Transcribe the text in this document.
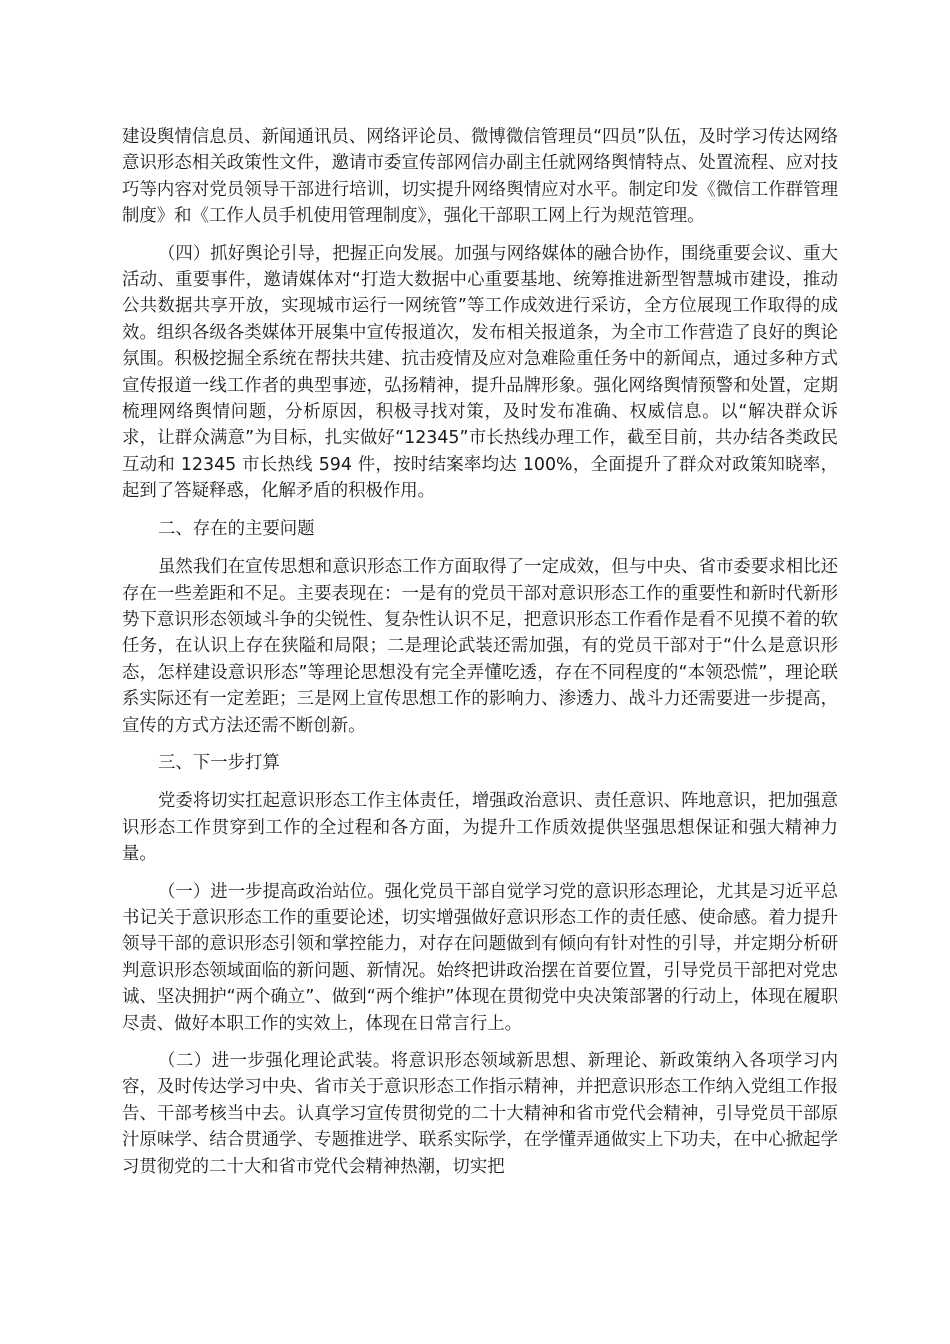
建设舆情信息员、新闻通讯员、网络评论员、微博微信管理员“四员”队伍，及时学习传达网络意识形态相关政策性文件，邀请市委宣传部网信办副主任就网络舆情特点、处置流程、应对技巧等内容对党员领导干部进行培训，切实提升网络舆情应对水平。制定印发《微信工作群管理制度》和《工作人员手机使用管理制度》，强化干部职工网上行为规范管理。

（四）抓好舆论引导，把握正向发展。加强与网络媒体的融合协作，围绕重要会议、重大活动、重要事件，邀请媒体对“打造大数据中心重要基地、统筹推进新型智慧城市建设，推动公共数据共享开放，实现城市运行一网统管”等工作成效进行采访，全方位展现工作取得的成效。组织各级各类媒体开展集中宣传报道次，发布相关报道条，为全市工作营造了良好的舆论氛围。积极挖掘全系统在帮扶共建、抗击疫情及应对急难险重任务中的新闻点，通过多种方式宣传报道一线工作者的典型事迹，弘扬精神，提升品牌形象。强化网络舆情预警和处置，定期梳理网络舆情问题，分析原因，积极寻找对策，及时发布准确、权威信息。以“解决群众诉求，让群众满意”为目标，扎实做好“12345”市长热线办理工作，截至目前，共办结各类政民互动和 12345 市长热线 594 件，按时结案率均达 100%，全面提升了群众对政策知晓率，起到了答疑释惑，化解矛盾的积极作用。

二、存在的主要问题

虽然我们在宣传思想和意识形态工作方面取得了一定成效，但与中央、省市委要求相比还存在一些差距和不足。主要表现在：一是有的党员干部对意识形态工作的重要性和新时代新形势下意识形态领域斗争的尖锐性、复杂性认识不足，把意识形态工作看作是看不见摸不着的软任务，在认识上存在狭隘和局限；二是理论武装还需加强，有的党员干部对于“什么是意识形态，怎样建设意识形态”等理论思想没有完全弄懂吃透，存在不同程度的“本领恐慌”，理论联系实际还有一定差距；三是网上宣传思想工作的影响力、渗透力、战斗力还需要进一步提高，宣传的方式方法还需不断创新。

三、下一步打算

党委将切实扛起意识形态工作主体责任，增强政治意识、责任意识、阵地意识，把加强意识形态工作贯穿到工作的全过程和各方面，为提升工作质效提供坚强思想保证和强大精神力量。

（一）进一步提高政治站位。强化党员干部自觉学习党的意识形态理论，尤其是习近平总书记关于意识形态工作的重要论述，切实增强做好意识形态工作的责任感、使命感。着力提升领导干部的意识形态引领和掌控能力，对存在问题做到有倾向有针对性的引导，并定期分析研判意识形态领域面临的新问题、新情况。始终把讲政治摆在首要位置，引导党员干部把对党忠诚、坚决拥护“两个确立”、做到“两个维护”体现在贯彻党中央决策部署的行动上，体现在履职尽责、做好本职工作的实效上，体现在日常言行上。

（二）进一步强化理论武装。将意识形态领域新思想、新理论、新政策纳入各项学习内容，及时传达学习中央、省市关于意识形态工作指示精神，并把意识形态工作纳入党组工作报告、干部考核当中去。认真学习宣传贯彻党的二十大精神和省市党代会精神，引导党员干部原汁原味学、结合贯通学、专题推进学、联系实际学，在学懂弄通做实上下功夫，在中心掀起学习贯彻党的二十大和省市党代会精神热潮，切实把
